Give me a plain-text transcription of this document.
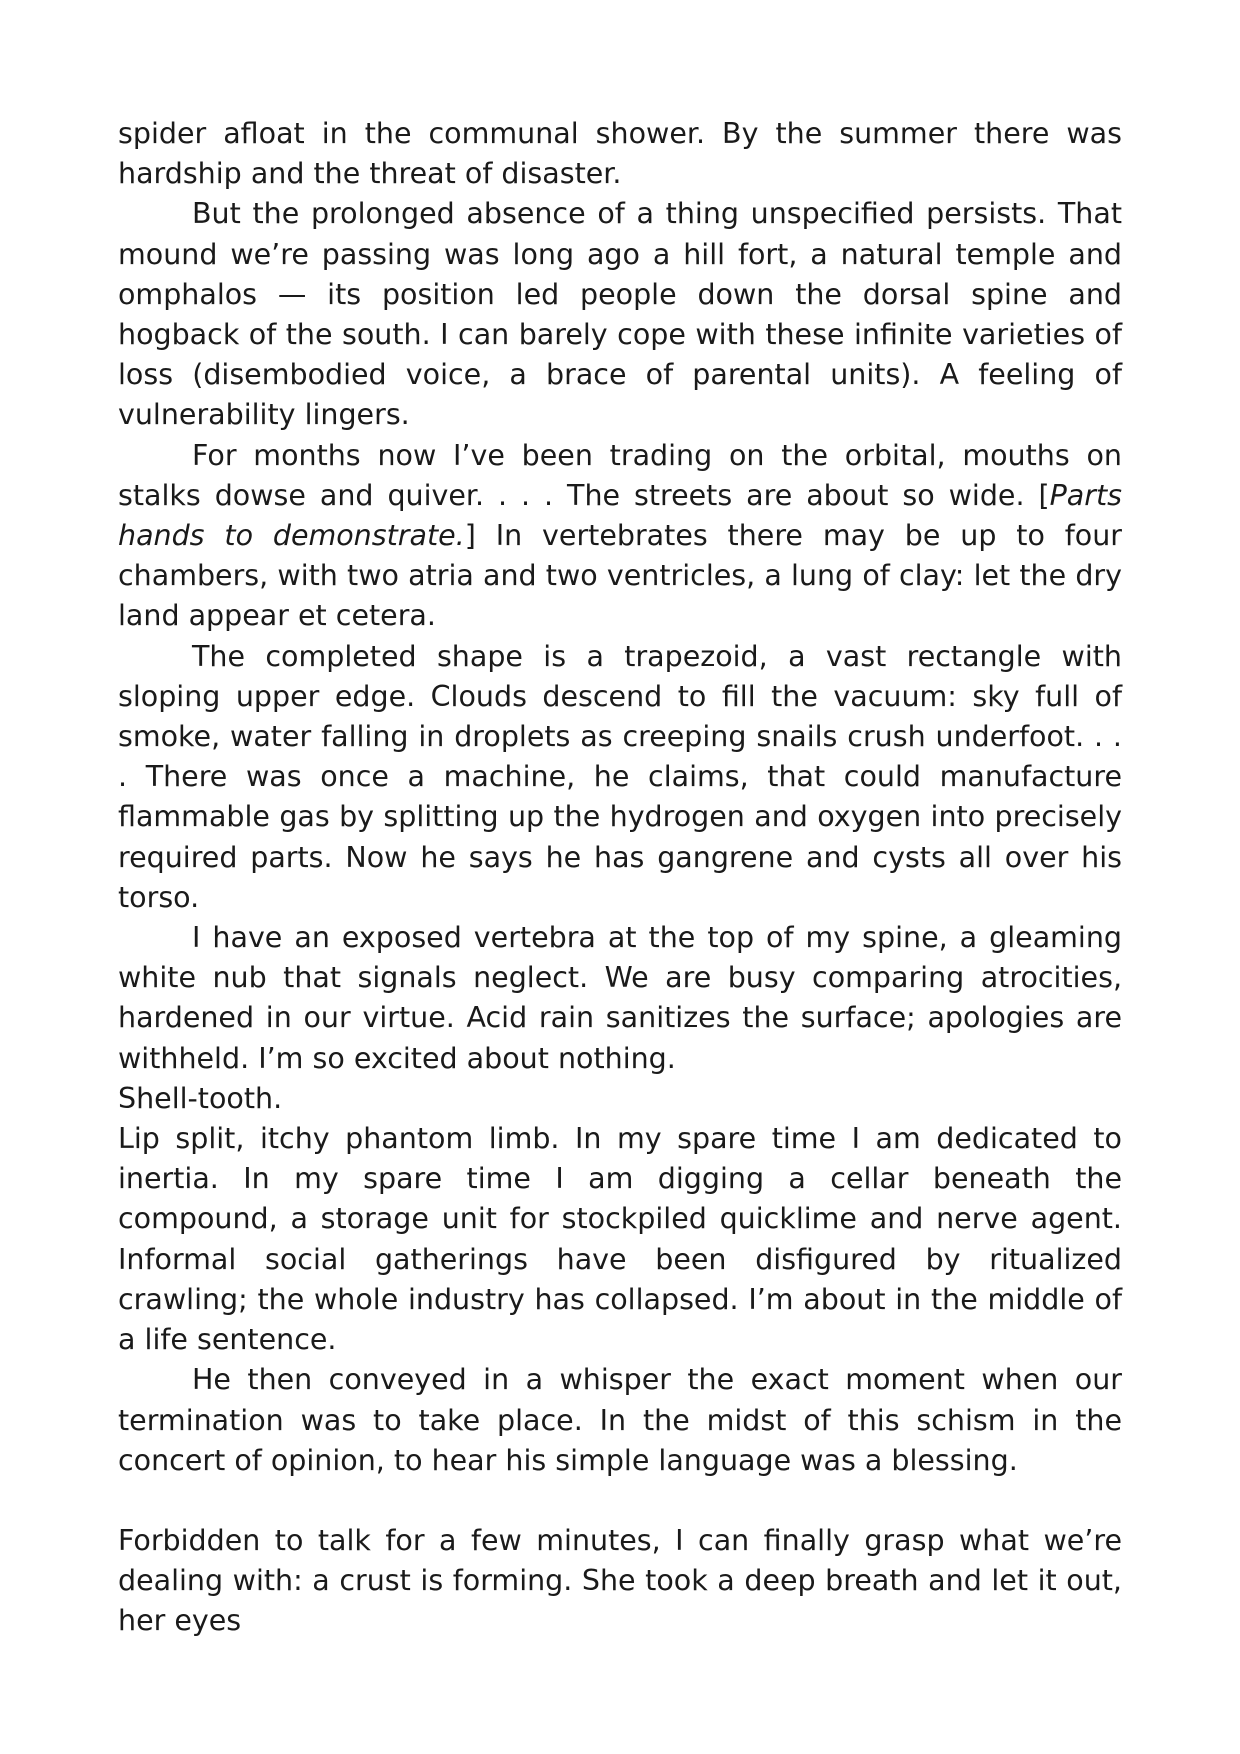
spider afloat in the communal shower. By the summer there was hardship and the threat of disaster.

But the prolonged absence of a thing unspecified persists. That mound we’re passing was long ago a hill fort, a natural temple and omphalos — its position led people down the dorsal spine and hogback of the south. I can barely cope with these infinite varieties of loss (disembodied voice, a brace of parental units). A feeling of vulnerability lingers.

For months now I’ve been trading on the orbital, mouths on stalks dowse and quiver. . . . The streets are about so wide. [Parts hands to demonstrate.] In vertebrates there may be up to four chambers, with two atria and two ventricles, a lung of clay: let the dry land appear et cetera.

The completed shape is a trapezoid, a vast rectangle with sloping upper edge. Clouds descend to fill the vacuum: sky full of smoke, water falling in droplets as creeping snails crush underfoot. . . . There was once a machine, he claims, that could manufacture flammable gas by splitting up the hydrogen and oxygen into precisely required parts. Now he says he has gangrene and cysts all over his torso.

I have an exposed vertebra at the top of my spine, a gleaming white nub that signals neglect. We are busy comparing atrocities, hardened in our virtue. Acid rain sanitizes the surface; apologies are withheld. I’m so excited about nothing.

Shell-tooth.

Lip split, itchy phantom limb. In my spare time I am dedicated to inertia. In my spare time I am digging a cellar beneath the compound, a storage unit for stockpiled quicklime and nerve agent. Informal social gatherings have been disfigured by ritualized crawling; the whole industry has collapsed. I’m about in the middle of a life sentence.

He then conveyed in a whisper the exact moment when our termination was to take place. In the midst of this schism in the concert of opinion, to hear his simple language was a blessing.

Forbidden to talk for a few minutes, I can finally grasp what we’re dealing with: a crust is forming. She took a deep breath and let it out, her eyes
